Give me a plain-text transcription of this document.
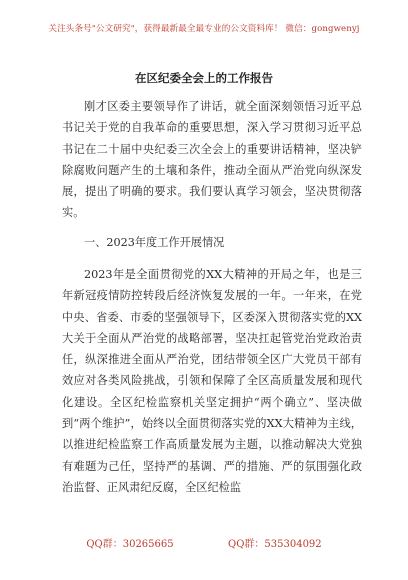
关注头条号"公文研究"，获得最新最全最专业的公文资料库！ 微信：gongwenyj
在区纪委全会上的工作报告

刚才区委主要领导作了讲话，就全面深刻领悟习近平总书记关于党的自我革命的重要思想，深入学习贯彻习近平总书记在二十届中央纪委三次全会上的重要讲话精神，坚决铲除腐败问题产生的土壤和条件，推动全面从严治党向纵深发展，提出了明确的要求。我们要认真学习领会，坚决贯彻落实。

一、2023年度工作开展情况

2023年是全面贯彻党的XX大精神的开局之年，也是三年新冠疫情防控转段后经济恢复发展的一年。一年来，在党中央、省委、市委的坚强领导下，区委深入贯彻落实党的XX大关于全面从严治党的战略部署，坚决扛起管党治党政治责任，纵深推进全面从严治党，团结带领全区广大党员干部有效应对各类风险挑战，引领和保障了全区高质量发展和现代化建设。全区纪检监察机关坚定拥护“两个确立”、坚决做到“两个维护”，始终以全面贯彻落实党的XX大精神为主线，以推进纪检监察工作高质量发展为主题，以推动解决大党独有难题为己任，坚持严的基调、严的措施、严的氛围强化政治监督、正风肃纪反腐，全区纪检监

QQ群：30265665	QQ群：535304092
